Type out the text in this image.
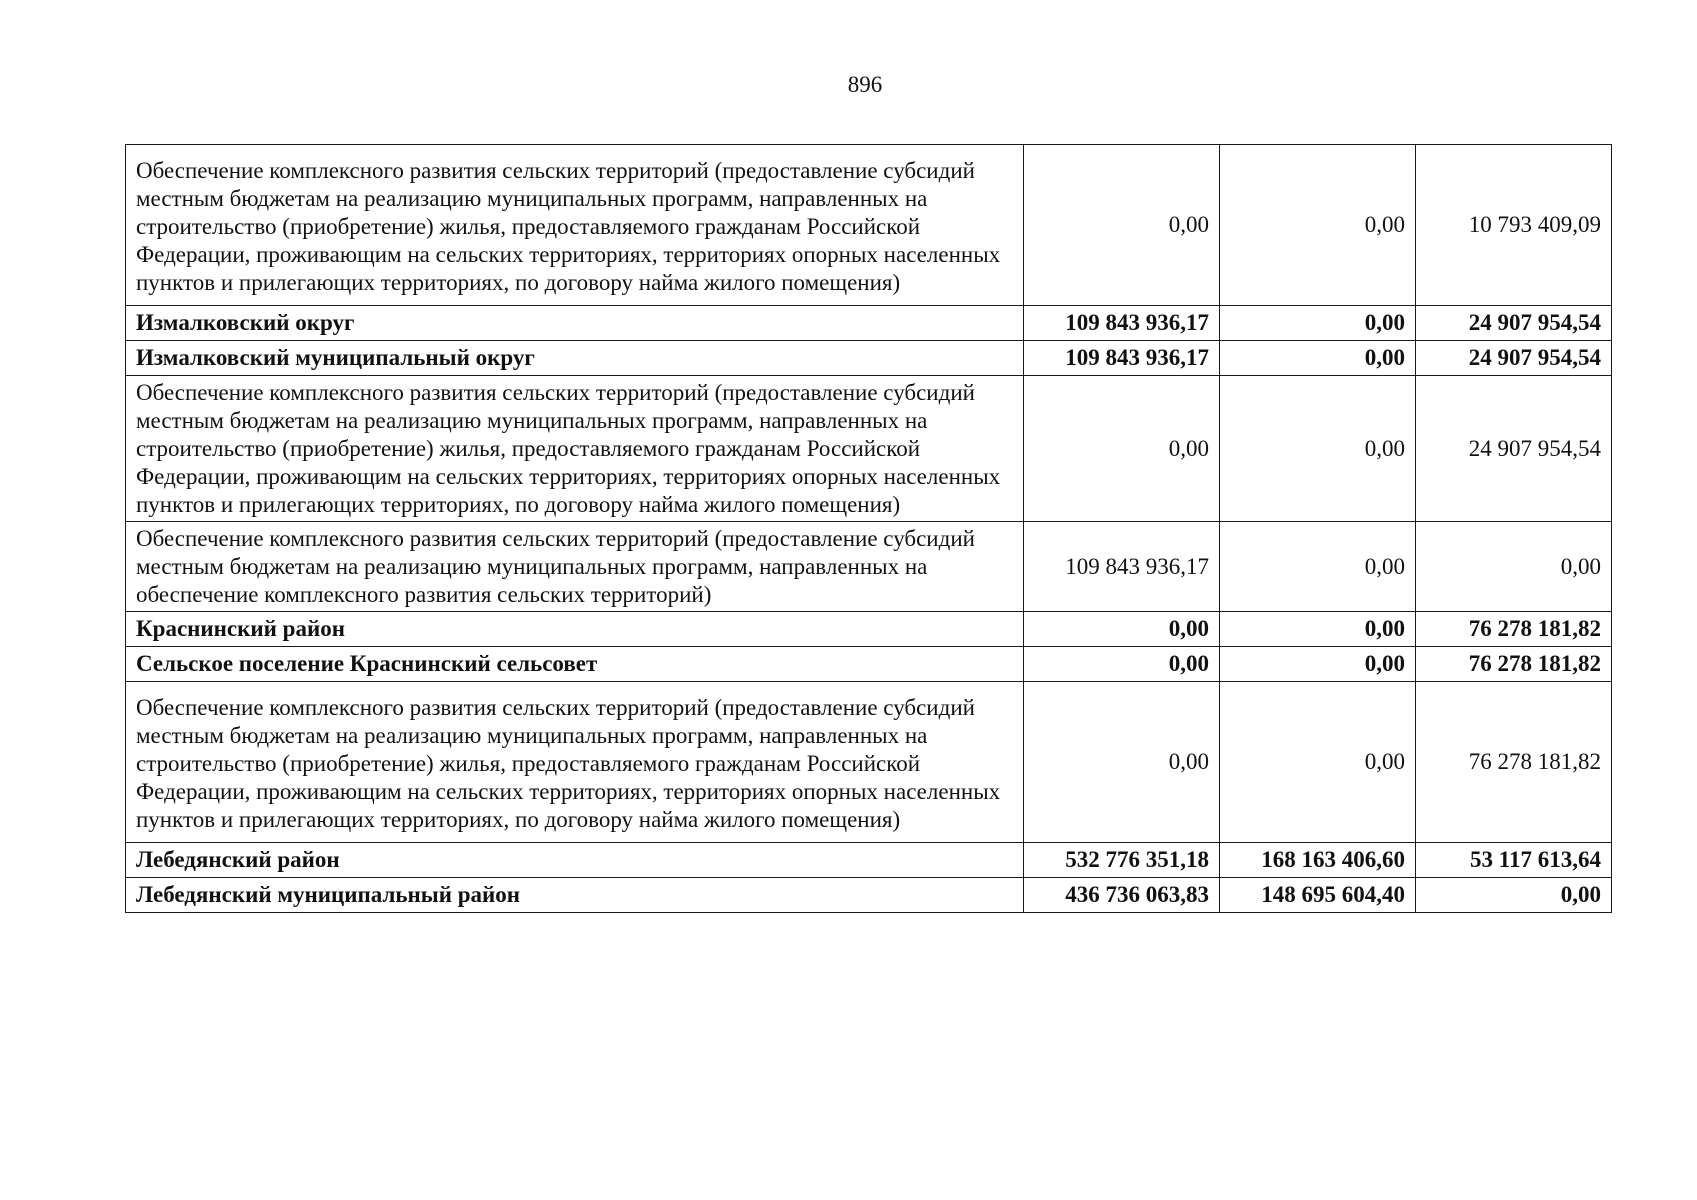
896
Обеспечение комплексного развития сельских территорий (предоставление субсидий местным бюджетам на реализацию муниципальных программ, направленных на строительство (приобретение) жилья, предоставляемого гражданам Российской Федерации, проживающим на сельских территориях, территориях опорных населенных пунктов и прилегающих территориях, по договору найма жилого помещения)	0,00	0,00	10 793 409,09
Измалковский округ	109 843 936,17	0,00	24 907 954,54
Измалковский муниципальный округ	109 843 936,17	0,00	24 907 954,54
Обеспечение комплексного развития сельских территорий (предоставление субсидий местным бюджетам на реализацию муниципальных программ, направленных на строительство (приобретение) жилья, предоставляемого гражданам Российской Федерации, проживающим на сельских территориях, территориях опорных населенных пунктов и прилегающих территориях, по договору найма жилого помещения)	0,00	0,00	24 907 954,54
Обеспечение комплексного развития сельских территорий (предоставление субсидий местным бюджетам на реализацию муниципальных программ, направленных на обеспечение комплексного развития сельских территорий)	109 843 936,17	0,00	0,00
Краснинский район	0,00	0,00	76 278 181,82
Сельское поселение Краснинский сельсовет	0,00	0,00	76 278 181,82
Обеспечение комплексного развития сельских территорий (предоставление субсидий местным бюджетам на реализацию муниципальных программ, направленных на строительство (приобретение) жилья, предоставляемого гражданам Российской Федерации, проживающим на сельских территориях, территориях опорных населенных пунктов и прилегающих территориях, по договору найма жилого помещения)	0,00	0,00	76 278 181,82
Лебедянский район	532 776 351,18	168 163 406,60	53 117 613,64
Лебедянский муниципальный район	436 736 063,83	148 695 604,40	0,00
